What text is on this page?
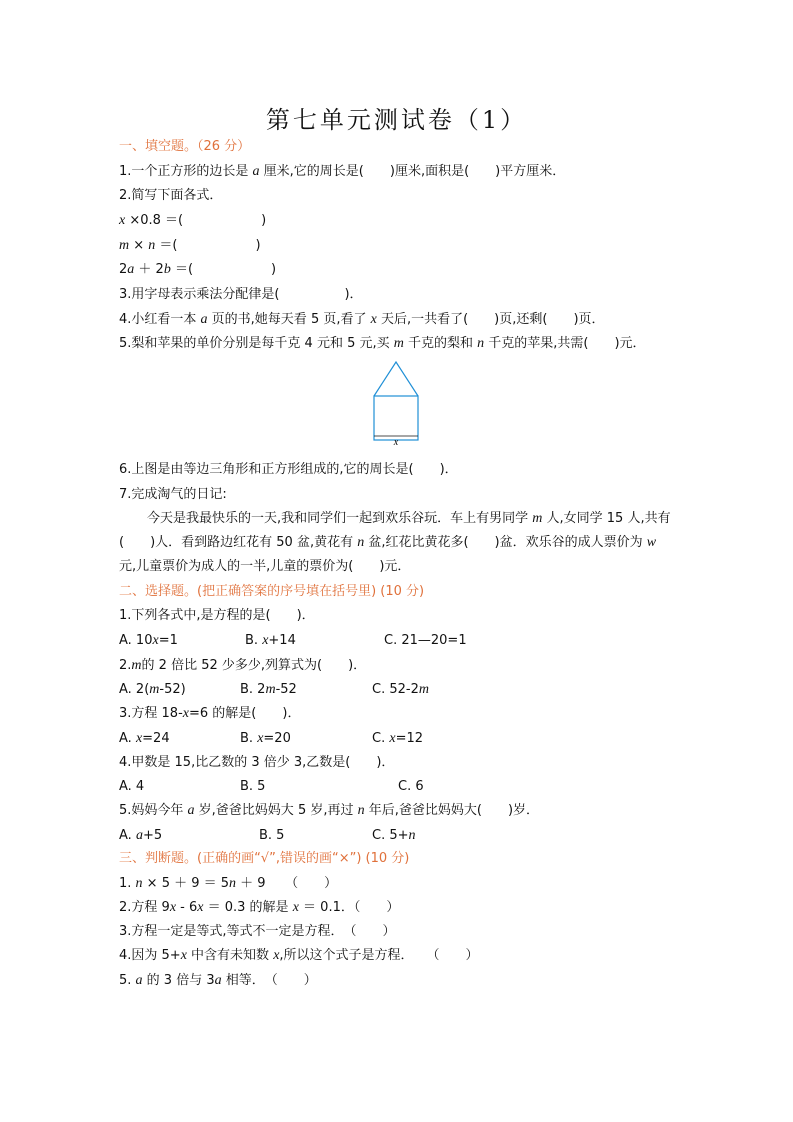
第七单元测试卷（1）
一、填空题。（26 分）
1.一个正方形的边长是 a 厘米,它的周长是(　　)厘米,面积是(　　)平方厘米．
2.简写下面各式．
x ×0.8 ＝(　　　　　　)
m × n ＝(　　　　　　)
2a ＋ 2b ＝(　　　　　　)
3.用字母表示乘法分配律是(　　　　　)．
4.小红看一本 a 页的书,她每天看 5 页,看了 x 天后,一共看了(　　)页,还剩(　　)页．
5.梨和苹果的单价分别是每千克 4 元和 5 元,买 m 千克的梨和 n 千克的苹果,共需(　　)元．
x
6.上图是由等边三角形和正方形组成的,它的周长是(　　)．
7.完成淘气的日记:
今天是我最快乐的一天,我和同学们一起到欢乐谷玩．车上有男同学 m 人,女同学 15 人,共有(　　)人．看到路边红花有 50 盆,黄花有 n 盆,红花比黄花多(　　)盆．欢乐谷的成人票价为 w 元,儿童票价为成人的一半,儿童的票价为(　　)元．
二、选择题。(把正确答案的序号填在括号里) (10 分)
1.下列各式中,是方程的是(　　)．
A. 10x=1	B. x+14	C. 21—20=1
2.m的 2 倍比 52 少多少,列算式为(　　)．
A. 2(m-52)	B. 2m-52	C. 52-2m
3.方程 18-x=6 的解是(　　)．
A. x=24	B. x=20	C. x=12
4.甲数是 15,比乙数的 3 倍少 3,乙数是(　　)．
A. 4	B. 5	C. 6
5.妈妈今年 a 岁,爸爸比妈妈大 5 岁,再过 n 年后,爸爸比妈妈大(　　)岁．
A. a+5	B. 5	C. 5+n
三、判断题。(正确的画“√”,错误的画“×”) (10 分)
1. n × 5 ＋ 9 ＝ 5n ＋ 9　　（　　）
2.方程 9x - 6x ＝ 0.3 的解是 x ＝ 0.1．（　　）
3.方程一定是等式,等式不一定是方程．　（　　）
4.因为 5+x 中含有未知数 x,所以这个式子是方程．　　（　　）
5. a 的 3 倍与 3a 相等．　（　　）
